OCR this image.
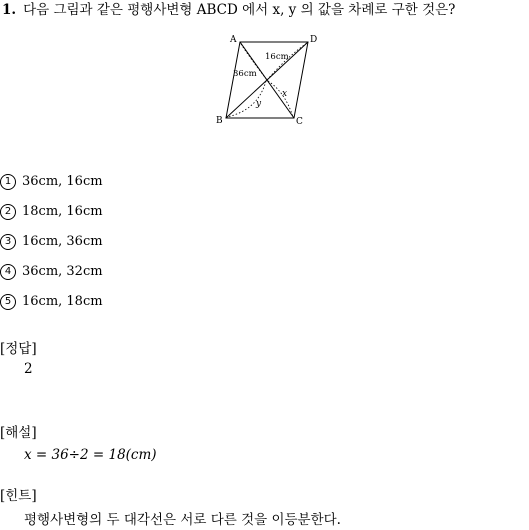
1. 다음 그림과 같은 평행사변형 ABCD 에서 x, y 의 값을 차례로 구한 것은?
A	D
B	C
16cm
36cm
x
y
1 36cm, 16cm
2 18cm, 16cm
3 16cm, 36cm
4 36cm, 32cm
5 16cm, 18cm
[정답]
2
[해설]
x = 36÷2 = 18(cm)
[힌트]
평행사변형의 두 대각선은 서로 다른 것을 이등분한다.
